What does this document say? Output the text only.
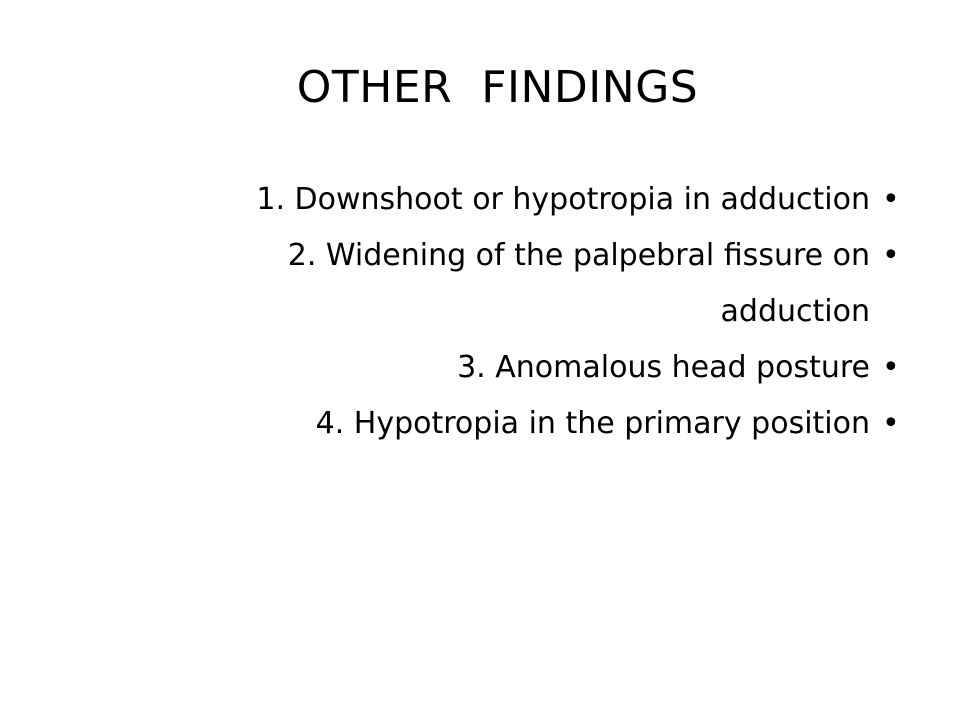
OTHER  FINDINGS
1. Downshoot or hypotropia in adduction •
2. Widening of the palpebral fissure on
adduction
•
3. Anomalous head posture •
4. Hypotropia in the primary position •
